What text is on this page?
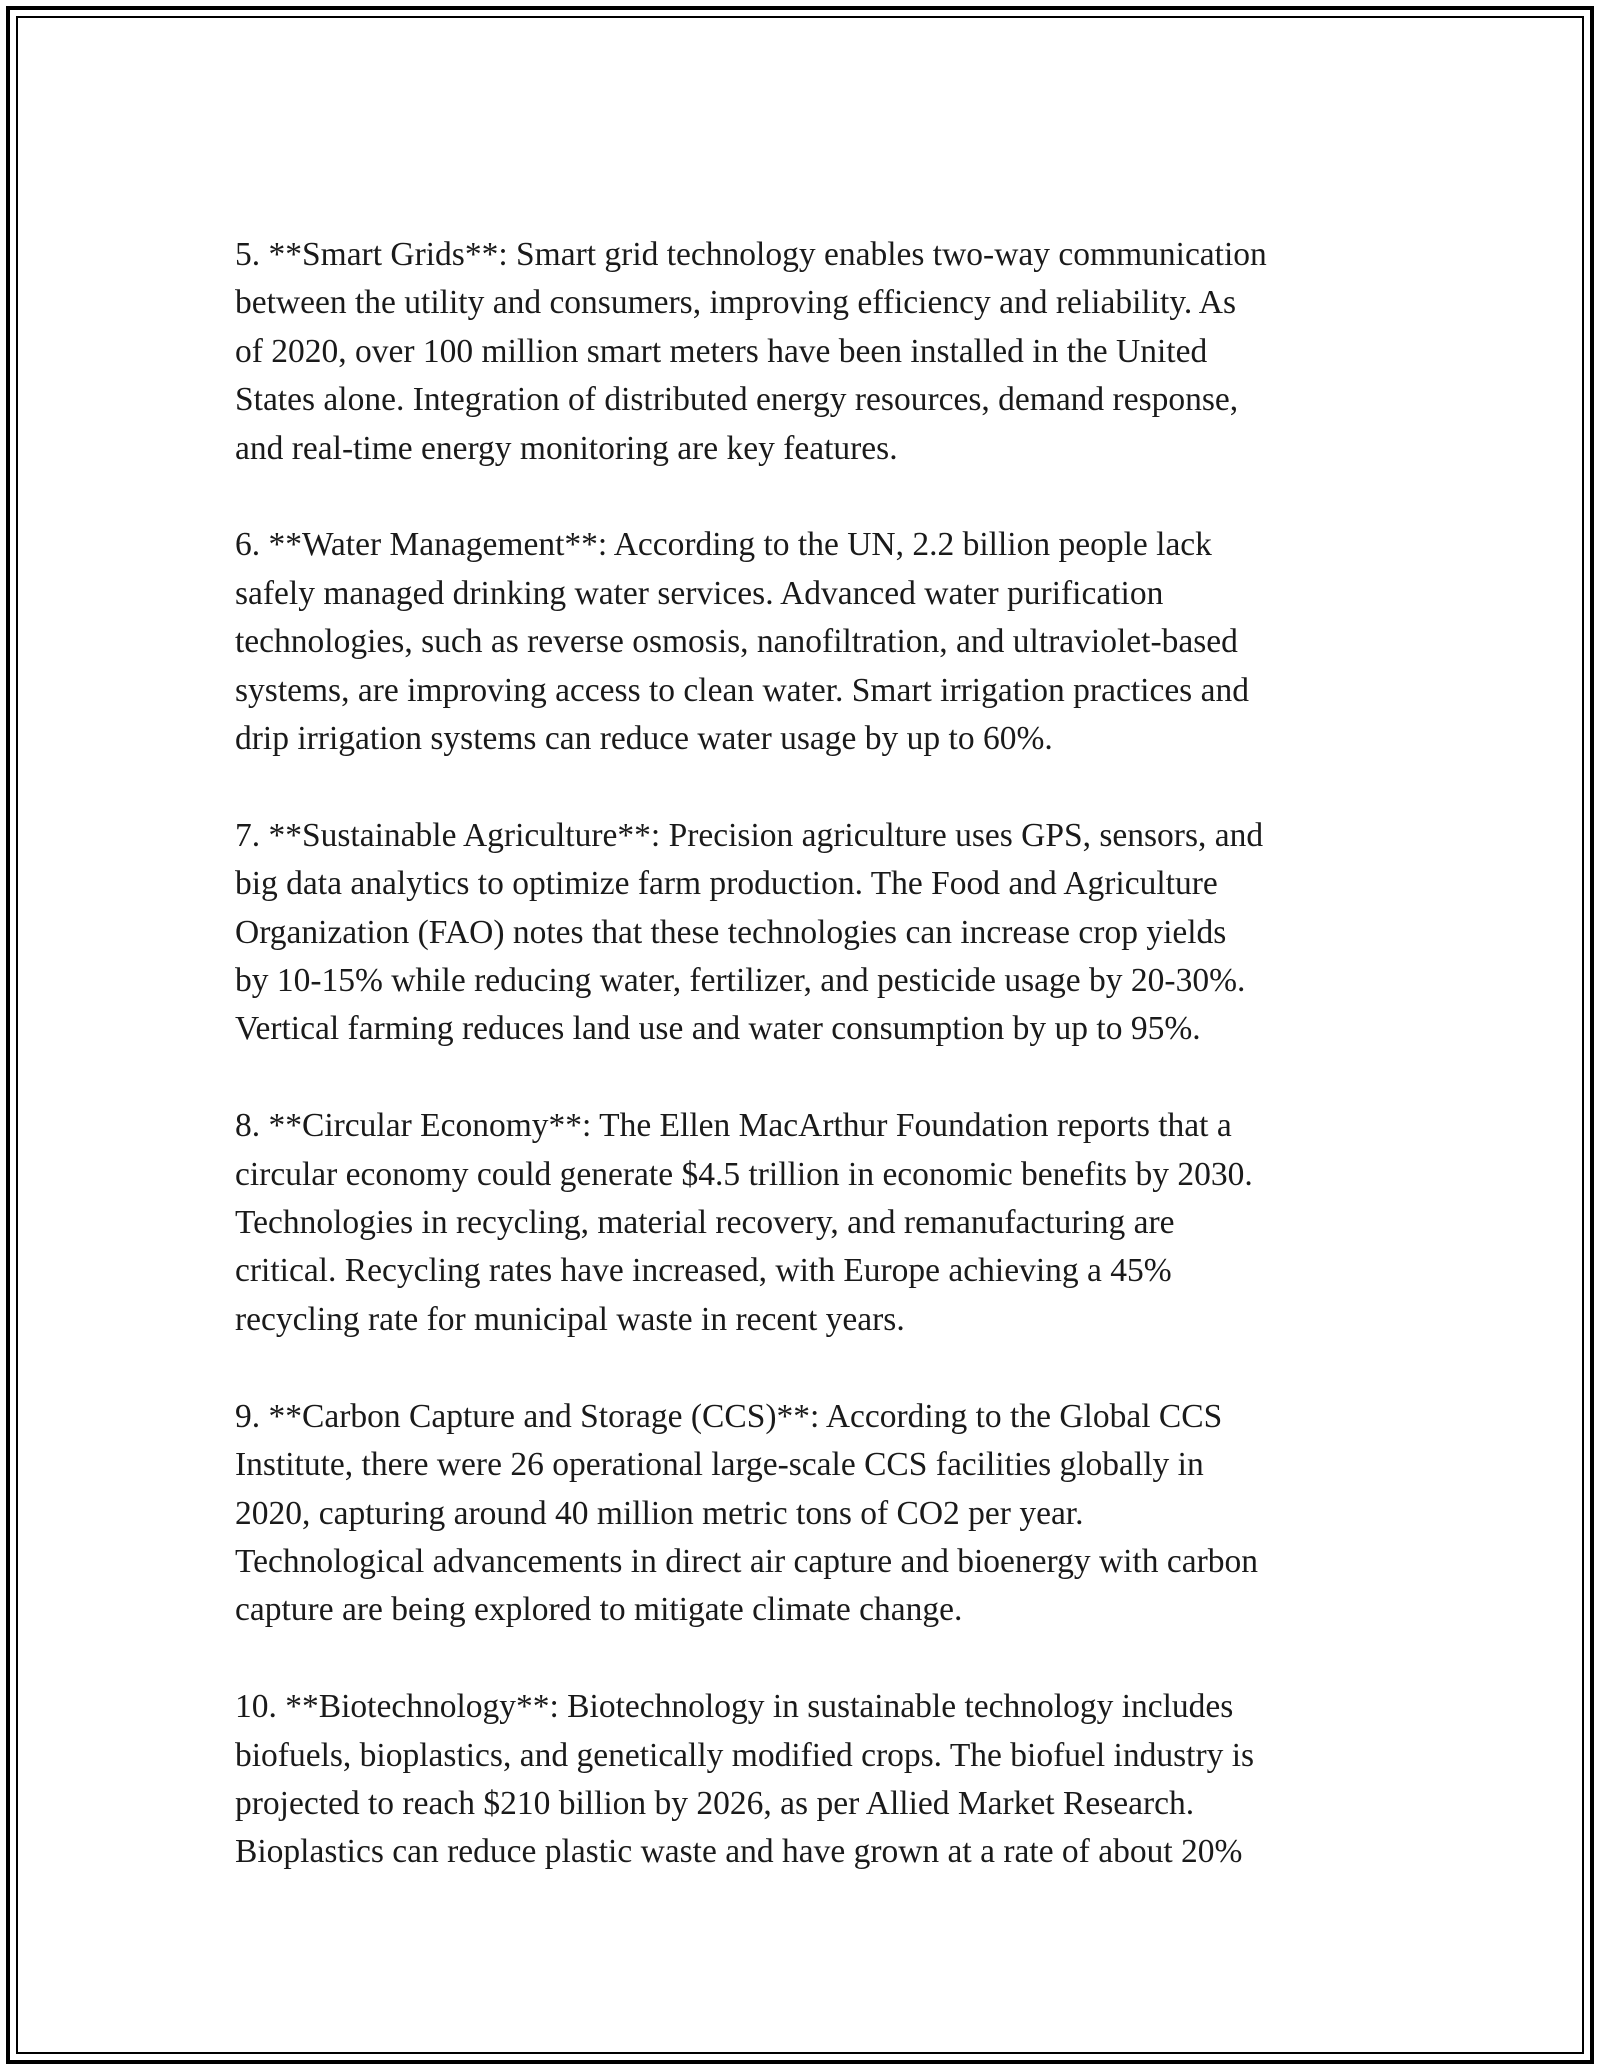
5. **Smart Grids**: Smart grid technology enables two-way communication
between the utility and consumers, improving efficiency and reliability. As
of 2020, over 100 million smart meters have been installed in the United
States alone. Integration of distributed energy resources, demand response,
and real-time energy monitoring are key features.

6. **Water Management**: According to the UN, 2.2 billion people lack
safely managed drinking water services. Advanced water purification
technologies, such as reverse osmosis, nanofiltration, and ultraviolet-based
systems, are improving access to clean water. Smart irrigation practices and
drip irrigation systems can reduce water usage by up to 60%.

7. **Sustainable Agriculture**: Precision agriculture uses GPS, sensors, and
big data analytics to optimize farm production. The Food and Agriculture
Organization (FAO) notes that these technologies can increase crop yields
by 10-15% while reducing water, fertilizer, and pesticide usage by 20-30%.
Vertical farming reduces land use and water consumption by up to 95%.

8. **Circular Economy**: The Ellen MacArthur Foundation reports that a
circular economy could generate $4.5 trillion in economic benefits by 2030.
Technologies in recycling, material recovery, and remanufacturing are
critical. Recycling rates have increased, with Europe achieving a 45%
recycling rate for municipal waste in recent years.

9. **Carbon Capture and Storage (CCS)**: According to the Global CCS
Institute, there were 26 operational large-scale CCS facilities globally in
2020, capturing around 40 million metric tons of CO2 per year.
Technological advancements in direct air capture and bioenergy with carbon
capture are being explored to mitigate climate change.

10. **Biotechnology**: Biotechnology in sustainable technology includes
biofuels, bioplastics, and genetically modified crops. The biofuel industry is
projected to reach $210 billion by 2026, as per Allied Market Research.
Bioplastics can reduce plastic waste and have grown at a rate of about 20%
